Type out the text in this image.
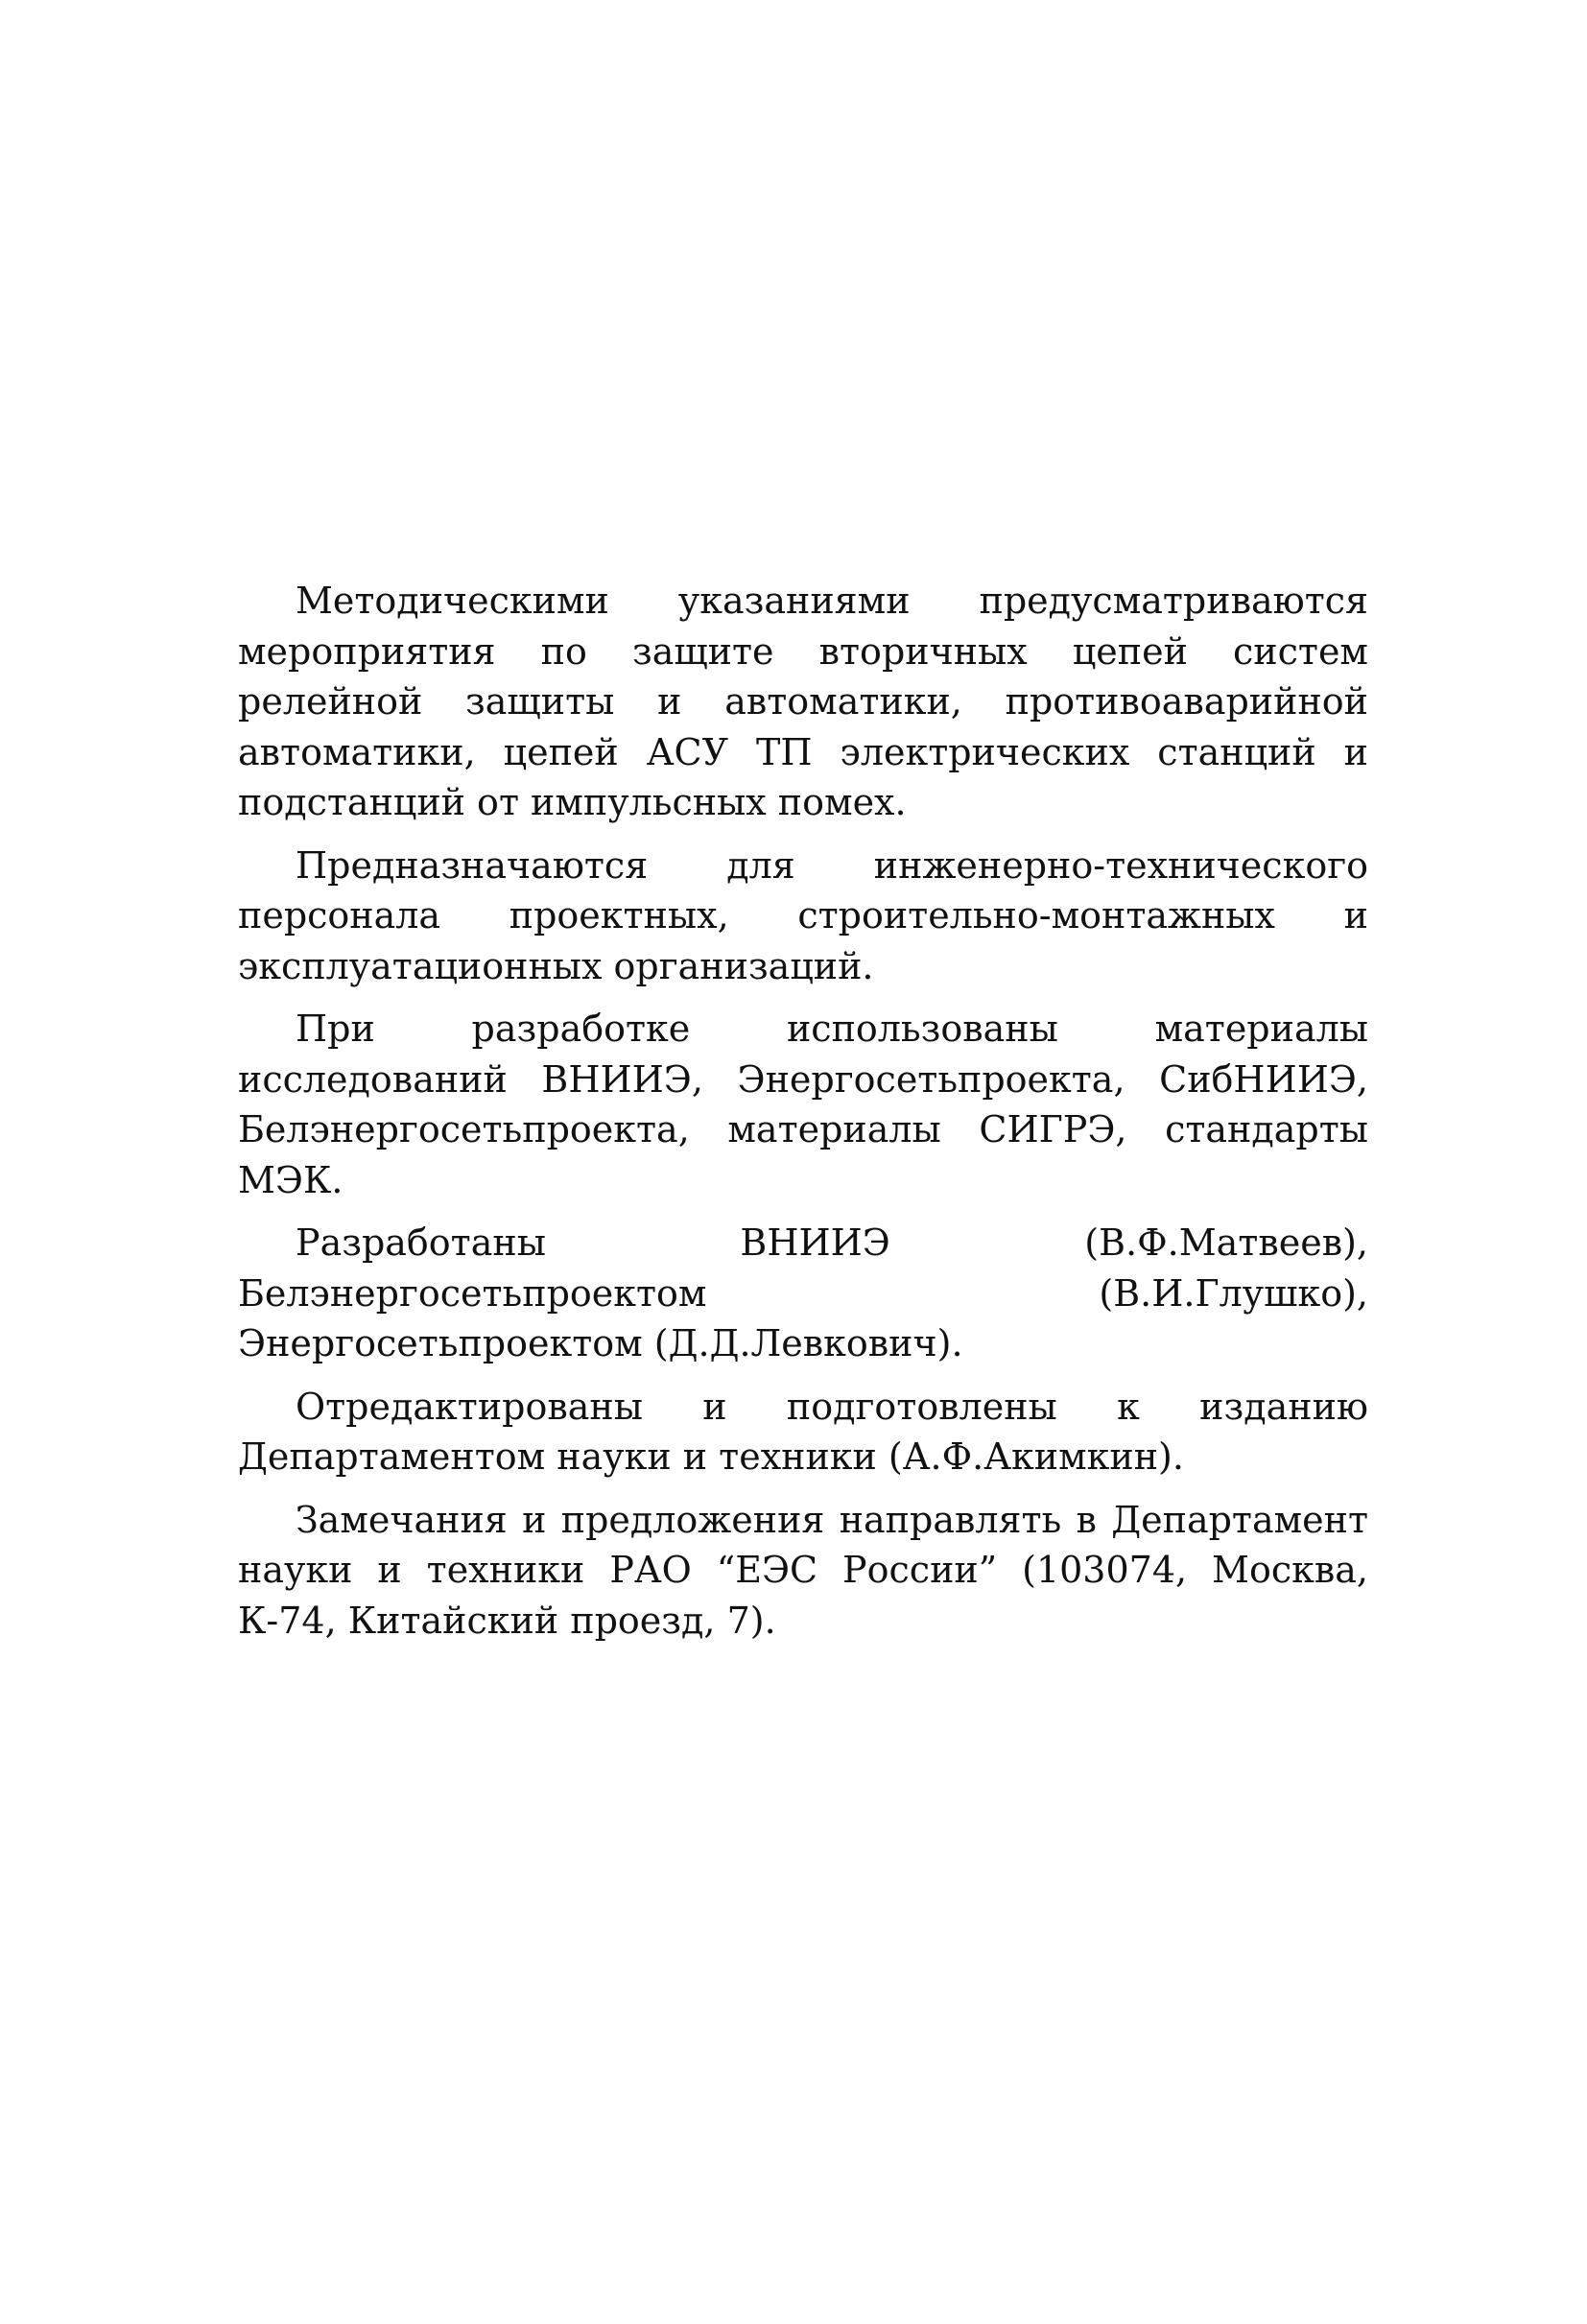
Методическими указаниями предусматриваются мероприятия по защите вторичных цепей систем релейной защиты и автоматики, противоаварийной автоматики, цепей АСУ ТП электрических станций и подстанций от импульсных помех.

Предназначаются для инженерно-технического персонала проектных, строительно-монтажных и эксплуатационных организаций.

При разработке использованы материалы исследований ВНИИЭ, Энергосетьпроекта, СибНИИЭ, Белэнергосетьпроекта, материалы СИГРЭ, стандарты МЭК.

Разработаны ВНИИЭ (В.Ф.Матвеев), Белэнергосетьпроектом (В.И.Глушко), Энергосетьпроектом (Д.Д.Левкович).

Отредактированы и подготовлены к изданию Департаментом науки и техники (А.Ф.Акимкин).

Замечания и предложения направлять в Департамент науки и техники РАО “ЕЭС России” (103074, Москва, К-74, Китайский проезд, 7).
